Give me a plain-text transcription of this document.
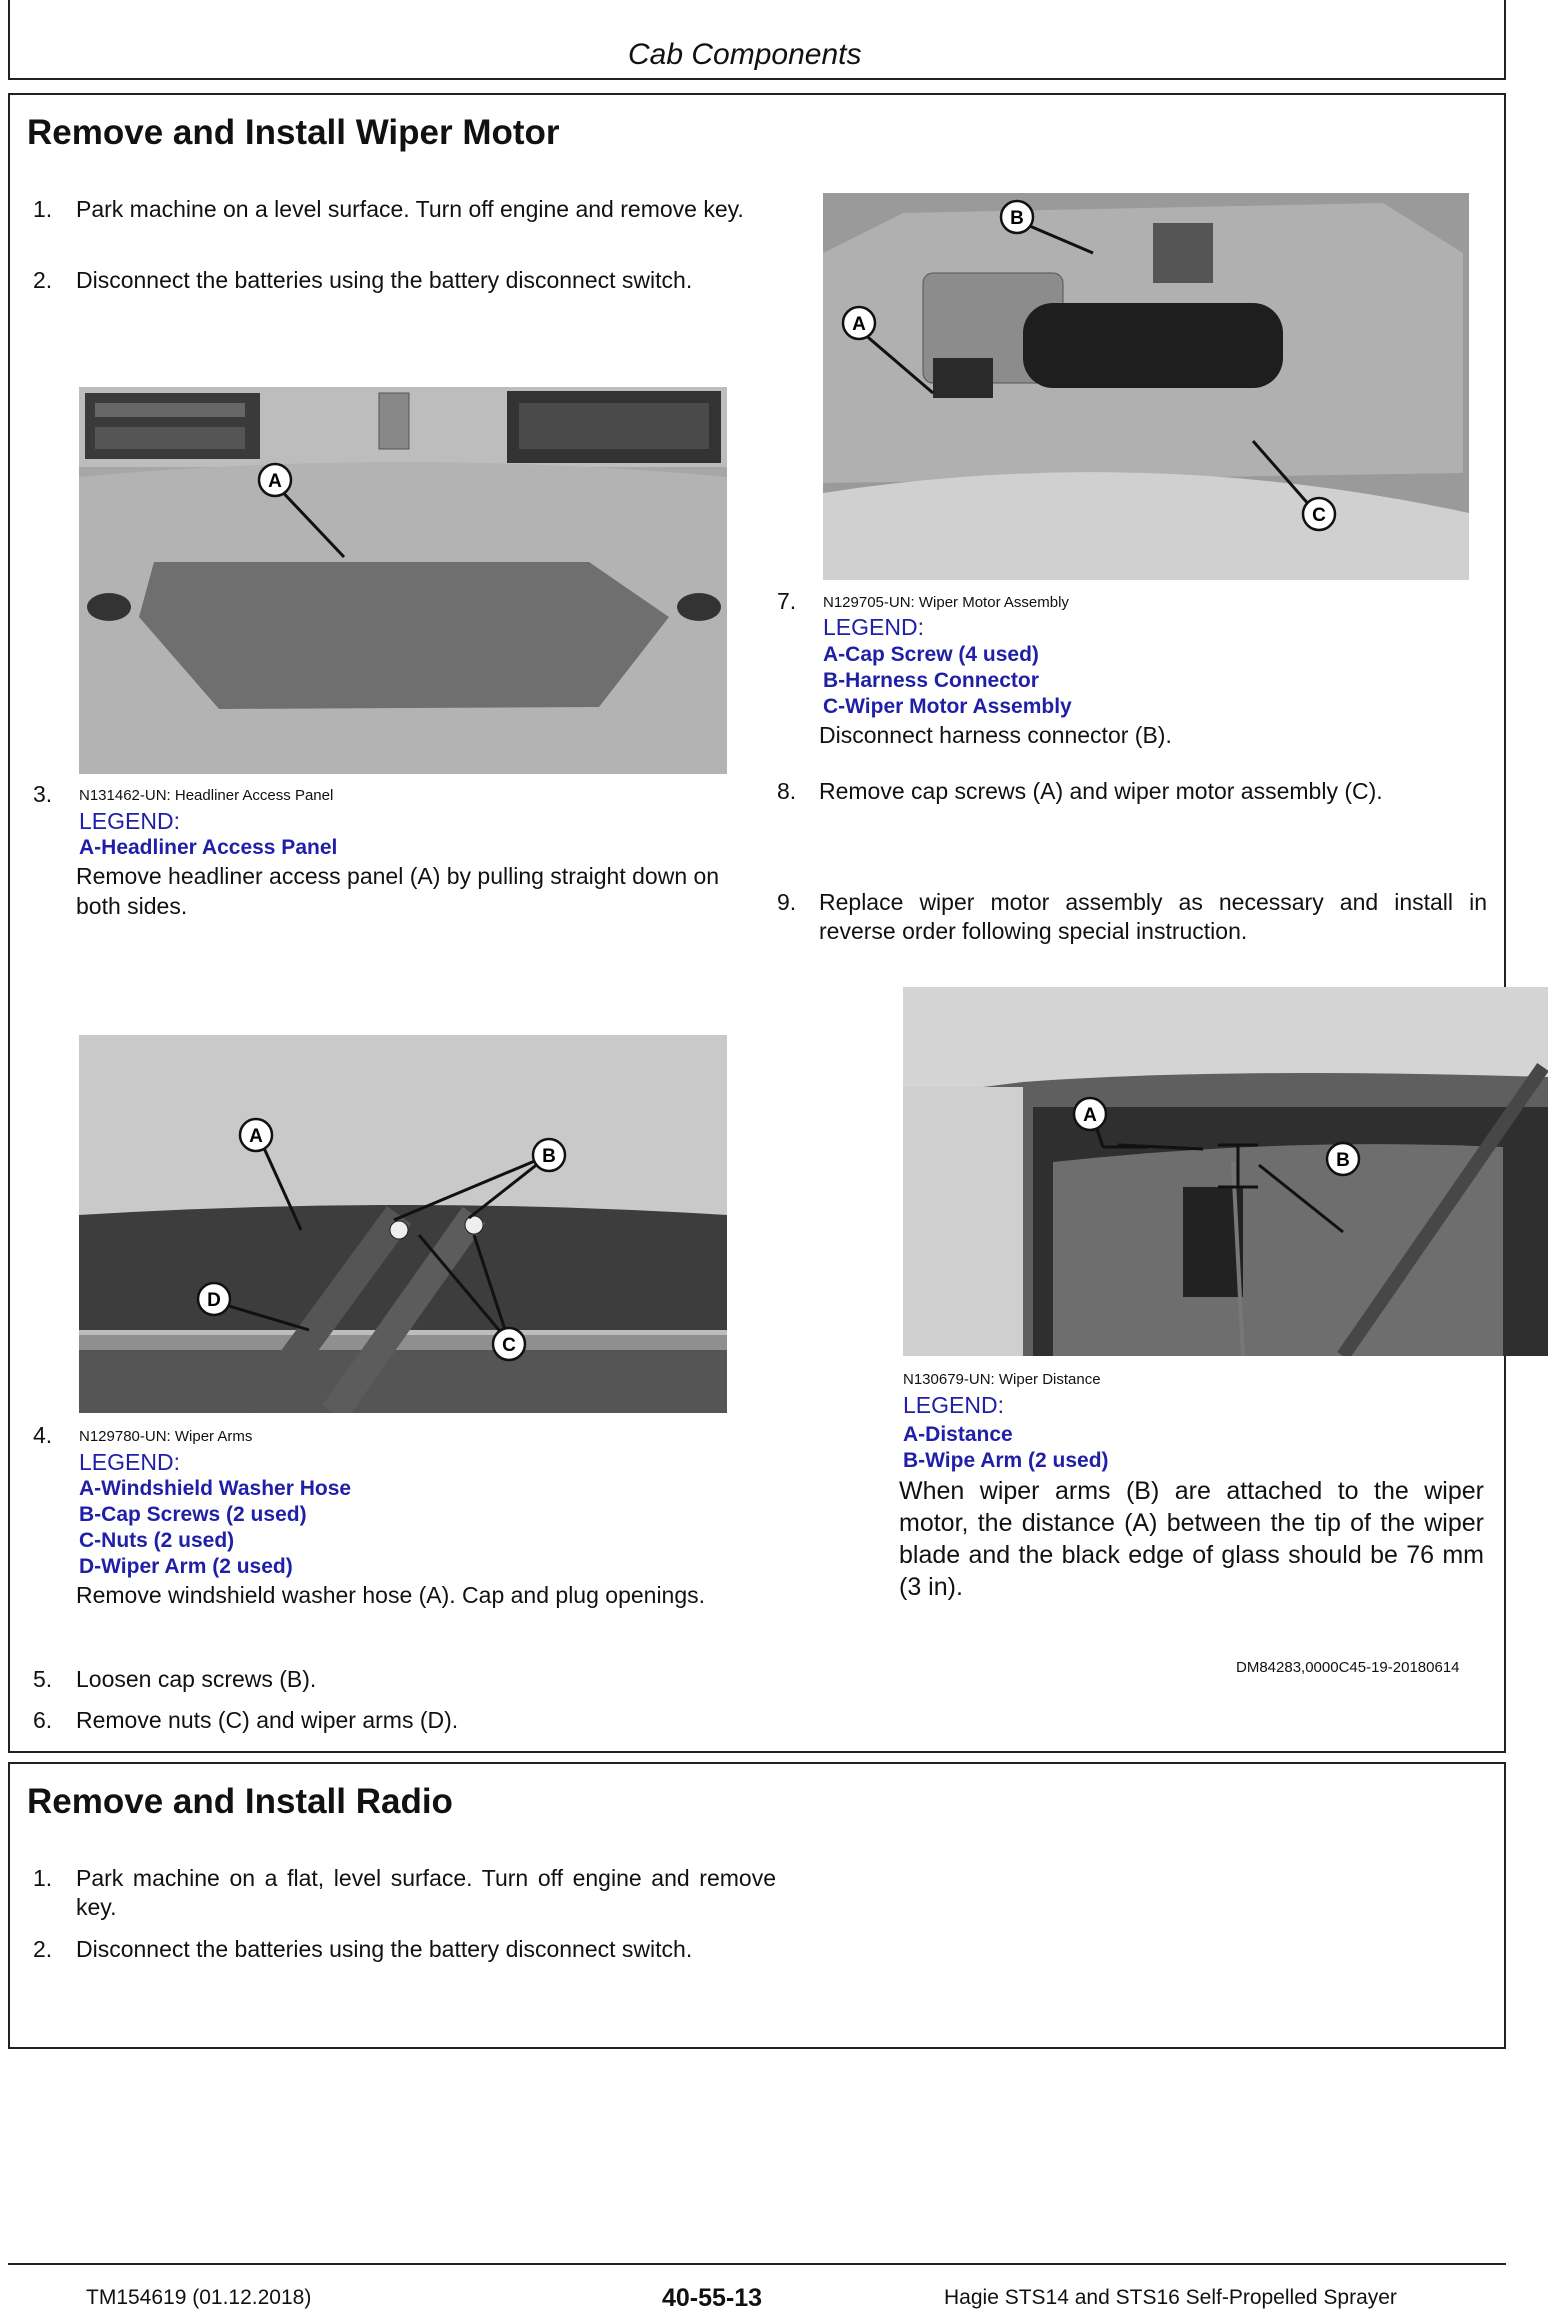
Cab Components
Remove and Install Wiper Motor
1. Park machine on a level surface. Turn off engine and remove key.
2. Disconnect the batteries using the battery disconnect switch.
A
3. N131462-UN: Headliner Access Panel
LEGEND:
A-Headliner Access Panel
Remove headliner access panel (A) by pulling straight down on both sides.
A
B
C
7. N129705-UN: Wiper Motor Assembly
LEGEND:
A-Cap Screw (4 used)
B-Harness Connector
C-Wiper Motor Assembly
Disconnect harness connector (B).
8. Remove cap screws (A) and wiper motor assembly (C).
9. Replace wiper motor assembly as necessary and install in reverse order following special instruction.
A
B
D
C
4. N129780-UN: Wiper Arms
LEGEND:
A-Windshield Washer Hose
B-Cap Screws (2 used)
C-Nuts (2 used)
D-Wiper Arm (2 used)
Remove windshield washer hose (A). Cap and plug openings.
5. Loosen cap screws (B).
6. Remove nuts (C) and wiper arms (D).
A
B
N130679-UN: Wiper Distance
LEGEND:
A-Distance
B-Wipe Arm (2 used)
When wiper arms (B) are attached to the wiper motor, the distance (A) between the tip of the wiper blade and the black edge of glass should be 76 mm (3 in).
DM84283,0000C45-19-20180614
Remove and Install Radio
1. Park machine on a flat, level surface. Turn off engine and remove key.
2. Disconnect the batteries using the battery disconnect switch.
TM154619 (01.12.2018)	40-55-13	Hagie STS14 and STS16 Self-Propelled Sprayer
